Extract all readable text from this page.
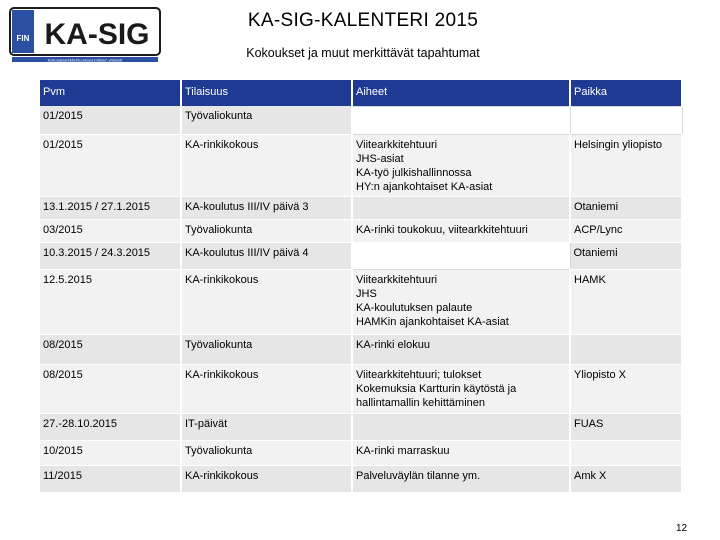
FIN KA-SIG
Kokonaisarkkitehtuurisuunnittelun yhteisöt
KA-SIG-KALENTERI 2015
Kokoukset ja muut merkittävät tapahtumat
Pvm	Tilaisuus	Aiheet	Paikka
01/2015	Työvaliokunta		
01/2015	KA-rinkikokous	Viitearkkitehtuuri
JHS-asiat
KA-työ julkishallinnossa
HY:n ajankohtaiset KA-asiat	Helsingin yliopisto
13.1.2015 / 27.1.2015	KA-koulutus III/IV päivä 3		Otaniemi
03/2015	Työvaliokunta	KA-rinki toukokuu, viitearkkitehtuuri	ACP/Lync
10.3.2015 / 24.3.2015	KA-koulutus III/IV päivä 4		Otaniemi
12.5.2015	KA-rinkikokous	Viitearkkitehtuuri
JHS
KA-koulutuksen palaute
HAMKin ajankohtaiset KA-asiat	HAMK
08/2015	Työvaliokunta	KA-rinki elokuu	
08/2015	KA-rinkikokous	Viitearkkitehtuuri; tulokset
Kokemuksia Kartturin käytöstä ja
hallintamallin kehittäminen	Yliopisto X
27.-28.10.2015	IT-päivät		FUAS
10/2015	Työvaliokunta	KA-rinki marraskuu	
11/2015	KA-rinkikokous	Palveluväylän tilanne ym.	Amk X
12
